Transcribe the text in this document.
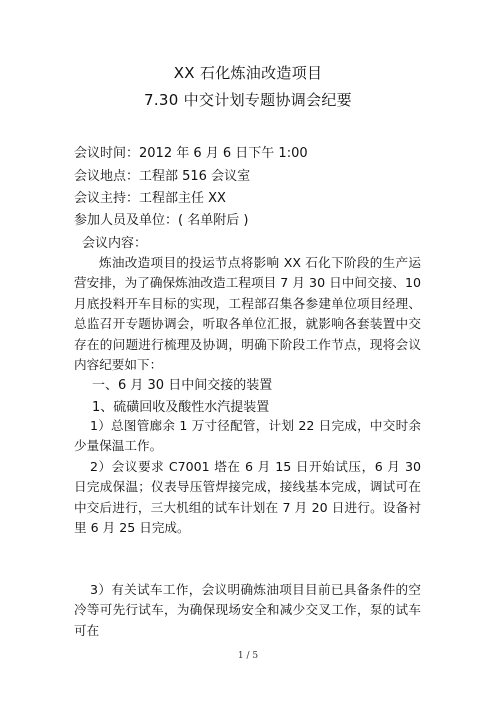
XX 石化炼油改造项目
7.30 中交计划专题协调会纪要
会议时间：2012 年 6 月 6 日下午 1:00
会议地点：工程部 516 会议室
会议主持：工程部主任 XX
参加人员及单位：( 名单附后 )
会议内容：
炼油改造项目的投运节点将影响 XX 石化下阶段的生产运营安排，为了确保炼油改造工程项目 7 月 30 日中间交接、10 月底投料开车目标的实现，工程部召集各参建单位项目经理、总监召开专题协调会，听取各单位汇报，就影响各套装置中交存在的问题进行梳理及协调，明确下阶段工作节点，现将会议内容纪要如下：
一、6 月 30 日中间交接的装置
1、硫磺回收及酸性水汽提装置
1）总图管廊余 1 万寸径配管，计划 22 日完成，中交时余少量保温工作。
2）会议要求 C7001 塔在 6 月 15 日开始试压，6 月 30 日完成保温；仪表导压管焊接完成，接线基本完成，调试可在中交后进行，三大机组的试车计划在 7 月 20 日进行。设备衬里 6 月 25 日完成。
3）有关试车工作，会议明确炼油项目目前已具备条件的空冷等可先行试车，为确保现场安全和减少交叉工作，泵的试车可在
1 / 5
